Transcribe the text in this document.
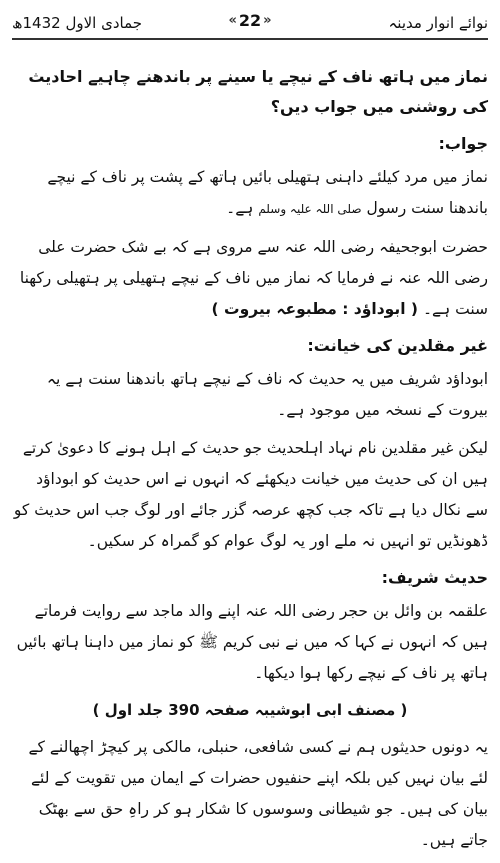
جمادی الاول 1432ھ	« 22 »	نوائے انوار مدینہ

نماز میں ہاتھ ناف کے نیچے یا سینے پر باندھنے چاہیے احادیث کی روشنی میں جواب دیں؟

جواب:

نماز میں مرد کیلئے داہنی ہتھیلی بائیں ہاتھ کے پشت پر ناف کے نیچے باندھنا سنت رسول صلی اللہ علیہ وسلم ہے۔

حضرت ابوجحیفہ رضی اللہ عنہ سے مروی ہے کہ بے شک حضرت علی رضی اللہ عنہ نے فرمایا کہ نماز میں ناف کے نیچے ہتھیلی پر ہتھیلی رکھنا سنت ہے۔ ( ابوداؤد : مطبوعہ بیروت )

غیر مقلدین کی خیانت:

ابوداؤد شریف میں یہ حدیث کہ ناف کے نیچے ہاتھ باندھنا سنت ہے یہ بیروت کے نسخہ میں موجود ہے۔

لیکن غیر مقلدین نام نہاد اہلحدیث جو حدیث کے اہل ہونے کا دعویٰ کرتے ہیں ان کی حدیث میں خیانت دیکھئے کہ انہوں نے اس حدیث کو ابوداؤد سے نکال دیا ہے تاکہ جب کچھ عرصہ گزر جائے اور لوگ جب اس حدیث کو ڈھونڈیں تو انہیں نہ ملے اور یہ لوگ عوام کو گمراہ کر سکیں۔

حدیث شریف:

علقمہ بن وائل بن حجر رضی اللہ عنہ اپنے والد ماجد سے روایت فرماتے ہیں کہ انہوں نے کہا کہ میں نے نبی کریم ﷺ کو نماز میں داہنا ہاتھ بائیں ہاتھ پر ناف کے نیچے رکھا ہوا دیکھا۔

( مصنف ابی ابوشیبہ صفحہ 390 جلد اول )

یہ دونوں حدیثوں ہم نے کسی شافعی، حنبلی، مالکی پر کیچڑ اچھالنے کے لئے بیان نہیں کیں بلکہ اپنے حنفیوں حضرات کے ایمان میں تقویت کے لئے بیان کی ہیں۔ جو شیطانی وسوسوں کا شکار ہو کر راہِ حق سے بھٹک جاتے ہیں۔
